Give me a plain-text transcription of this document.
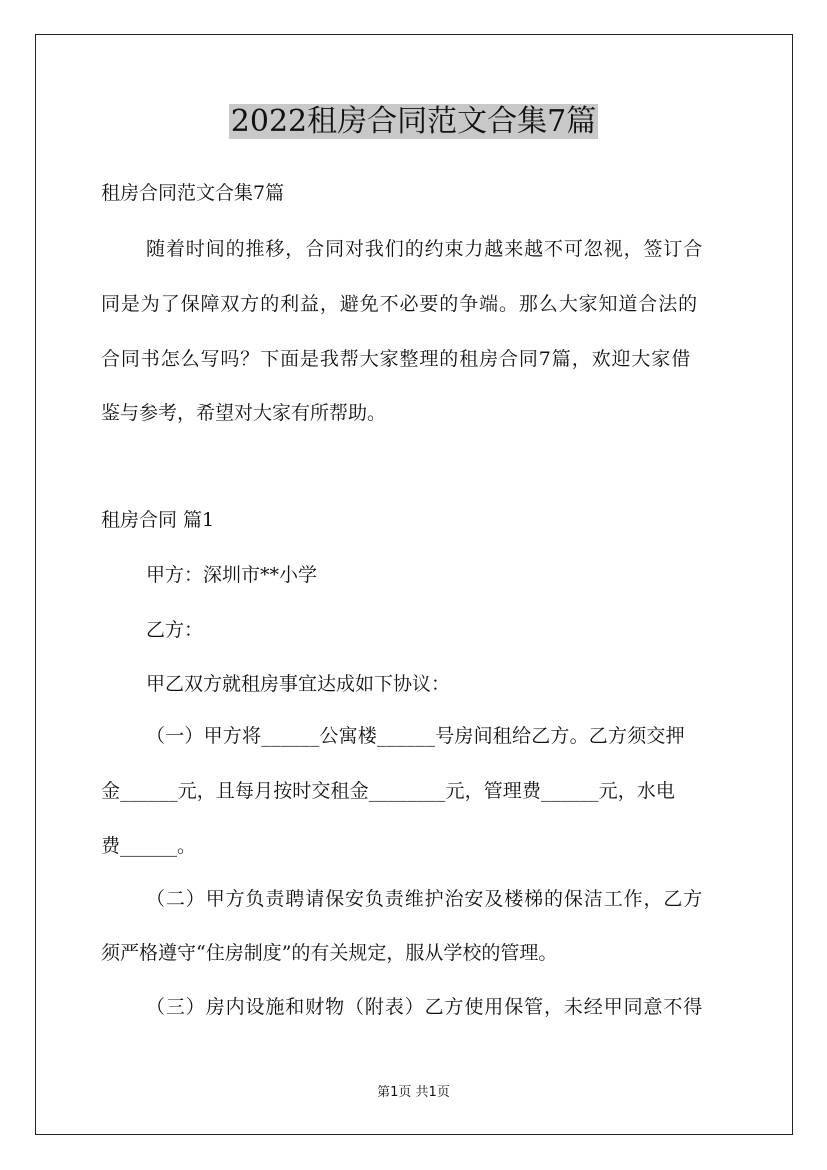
2022租房合同范文合集7篇
租房合同范文合集7篇
随着时间的推移，合同对我们的约束力越来越不可忽视，签订合
同是为了保障双方的利益，避免不必要的争端。那么大家知道合法的
合同书怎么写吗？下面是我帮大家整理的租房合同7篇，欢迎大家借
鉴与参考，希望对大家有所帮助。
租房合同 篇1
甲方：深圳市**小学
乙方：
甲乙双方就租房事宜达成如下协议：
（一）甲方将______公寓楼______号房间租给乙方。乙方须交押
金______元，且每月按时交租金________元，管理费______元，水电
费______。
（二）甲方负责聘请保安负责维护治安及楼梯的保洁工作，乙方
须严格遵守“住房制度”的有关规定，服从学校的管理。
（三）房内设施和财物（附表）乙方使用保管，未经甲同意不得
第1页 共1页
